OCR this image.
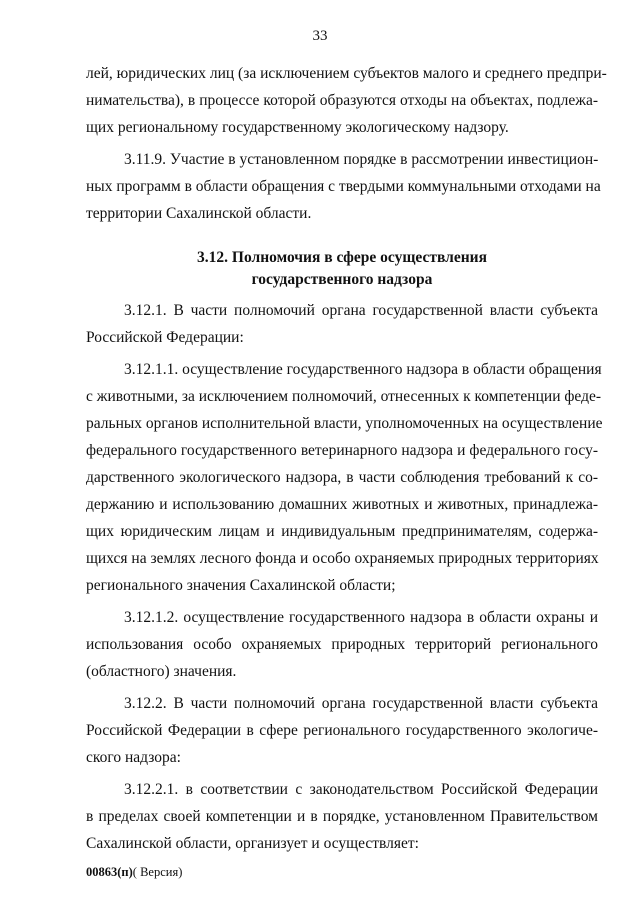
33
лей, юридических лиц (за исключением субъектов малого и среднего предпри-
нимательства), в процессе которой образуются отходы на объектах, подлежа-
щих региональному государственному экологическому надзору.
3.11.9. Участие в установленном порядке в рассмотрении инвестицион-
ных программ в области обращения с твердыми коммунальными отходами на
территории Сахалинской области.
3.12. Полномочия в сфере осуществления
государственного надзора
3.12.1. В части полномочий органа государственной власти субъекта
Российской Федерации:
3.12.1.1. осуществление государственного надзора в области обращения
с животными, за исключением полномочий, отнесенных к компетенции феде-
ральных органов исполнительной власти, уполномоченных на осуществление
федерального государственного ветеринарного надзора и федерального госу-
дарственного экологического надзора, в части соблюдения требований к со-
держанию и использованию домашних животных и животных, принадлежа-
щих юридическим лицам и индивидуальным предпринимателям, содержа-
щихся на землях лесного фонда и особо охраняемых природных территориях
регионального значения Сахалинской области;
3.12.1.2. осуществление государственного надзора в области охраны и
использования особо охраняемых природных территорий регионального
(областного) значения.
3.12.2. В части полномочий органа государственной власти субъекта
Российской Федерации в сфере регионального государственного экологиче-
ского надзора:
3.12.2.1. в соответствии с законодательством Российской Федерации
в пределах своей компетенции и в порядке, установленном Правительством
Сахалинской области, организует и осуществляет:
00863(п)( Версия)
